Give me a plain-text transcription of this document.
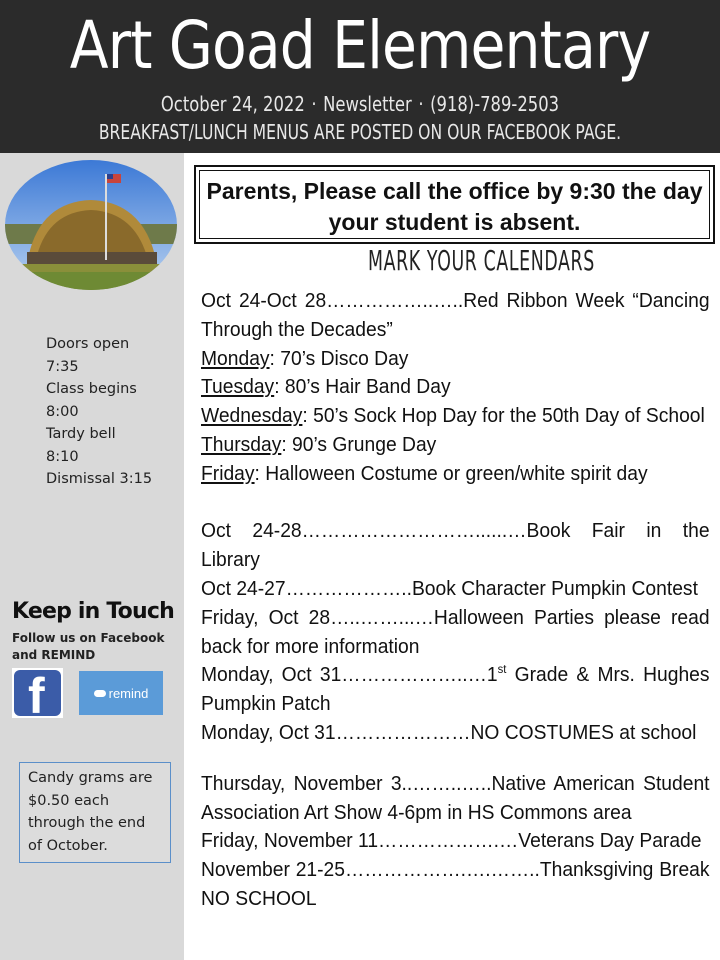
Art Goad Elementary
October 24, 2022 · Newsletter · (918)-789-2503
BREAKFAST/LUNCH MENUS ARE POSTED ON OUR FACEBOOK PAGE.
Doors open
7:35
Class begins
8:00
Tardy bell
8:10
Dismissal 3:15
Keep in Touch
Follow us on Facebook and REMIND
f	remind
Candy grams are $0.50 each through the end of October.
Parents, Please call the office by 9:30 the day your student is absent.
MARK YOUR CALENDARS

Oct 24-Oct 28……………..…..Red Ribbon Week “Dancing Through the Decades”

Monday: 70’s Disco Day

Tuesday: 80’s Hair Band Day

Wednesday: 50’s Sock Hop Day for the 50th Day of School

Thursday: 90’s Grunge Day

Friday: Halloween Costume or green/white spirit day

Oct 24-28………………………......…Book Fair in the Library

Oct 24-27………………..Book Character Pumpkin Contest

Friday, Oct 28…..……...…Halloween Parties please read back for more information

Monday, Oct 31………………..…1st Grade & Mrs. Hughes Pumpkin Patch

Monday, Oct 31…………………NO COSTUMES at school

Thursday, November 3..……..…..Native American Student Association Art Show 4-6pm in HS Commons area

Friday, November 11……………….…Veterans Day Parade

November 21-25……………….….……..Thanksgiving Break NO SCHOOL
